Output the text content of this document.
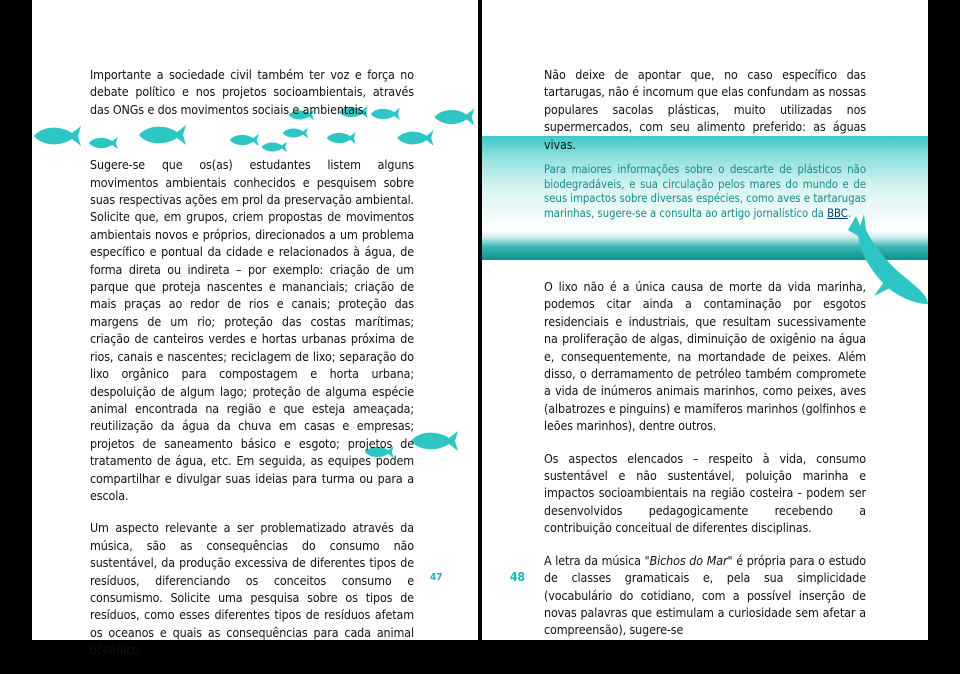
Importante a sociedade civil também ter voz e força no debate político e nos projetos socioambientais, através das ONGs e dos movimentos sociais e ambientais.

Sugere-se que os(as) estudantes listem alguns movimentos ambientais conhecidos e pesquisem sobre suas respectivas ações em prol da preservação ambiental. Solicite que, em grupos, criem propostas de movimentos ambientais novos e próprios, direcionados a um problema específico e pontual da cidade e relacionados à água, de forma direta ou indireta – por exemplo: criação de um parque que proteja nascentes e mananciais; criação de mais praças ao redor de rios e canais; proteção das margens de um rio; proteção das costas marítimas; criação de canteiros verdes e hortas urbanas próxima de rios, canais e nascentes; reciclagem de lixo; separação do lixo orgânico para compostagem e horta urbana; despoluição de algum lago; proteção de alguma espécie animal encontrada na região e que esteja ameaçada; reutilização da água da chuva em casas e empresas; projetos de saneamento básico e esgoto; projetos de tratamento de água, etc. Em seguida, as equipes podem compartilhar e divulgar suas ideias para turma ou para a escola.

Um aspecto relevante a ser problematizado através da música, são as consequências do consumo não sustentável, da produção excessiva de diferentes tipos de resíduos, diferenciando os conceitos consumo e consumismo. Solicite uma pesquisa sobre os tipos de resíduos, como esses diferentes tipos de resíduos afetam os oceanos e quais as consequências para cada animal oceânico.

47
Não deixe de apontar que, no caso específico das tartarugas, não é incomum que elas confundam as nossas populares sacolas plásticas, muito utilizadas nos supermercados, com seu alimento preferido: as águas vivas.
Para maiores informações sobre o descarte de plásticos não biodegradáveis, e sua circulação pelos mares do mundo e de seus impactos sobre diversas espécies, como aves e tartarugas marinhas, sugere-se a consulta ao artigo jornalístico da BBC.

O lixo não é a única causa de morte da vida marinha, podemos citar ainda a contaminação por esgotos residenciais e industriais, que resultam sucessivamente na proliferação de algas, diminuição de oxigênio na água e, consequentemente, na mortandade de peixes. Além disso, o derramamento de petróleo também compromete a vida de inúmeros animais marinhos, como peixes, aves (albatrozes e pinguins) e mamíferos marinhos (golfinhos e leões marinhos), dentre outros.

Os aspectos elencados – respeito à vida, consumo sustentável e não sustentável, poluição marinha e impactos socioambientais na região costeira - podem ser desenvolvidos pedagogicamente recebendo a contribuição conceitual de diferentes disciplinas.

A letra da música "Bichos do Mar" é própria para o estudo de classes gramaticais e, pela sua simplicidade (vocabulário do cotidiano, com a possível inserção de novas palavras que estimulam a curiosidade sem afetar a compreensão), sugere-se

48
